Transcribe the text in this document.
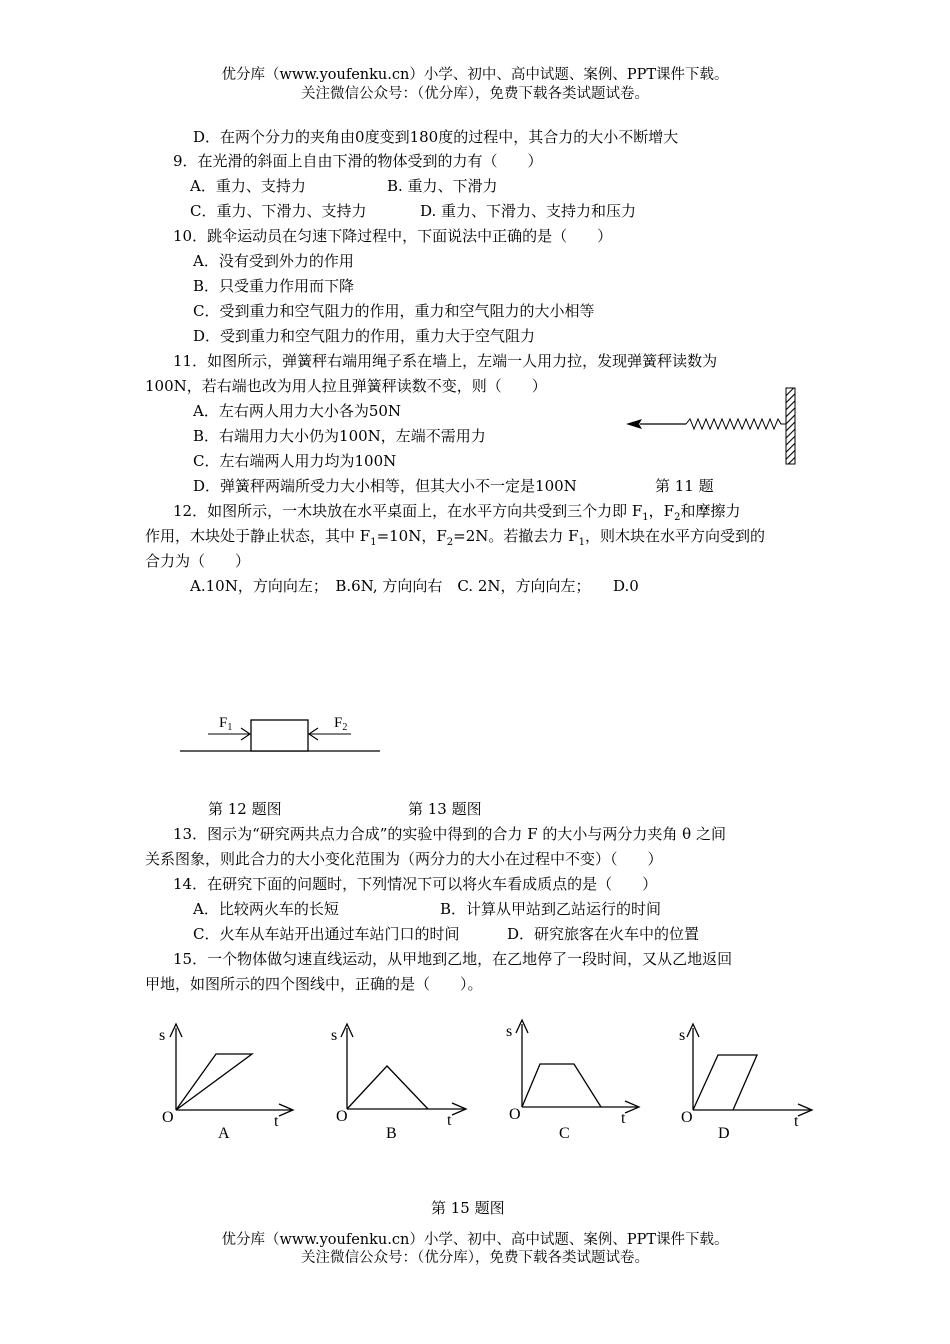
优分库（www.youfenku.cn）小学、初中、高中试题、案例、PPT课件下载。
关注微信公众号：（优分库），免费下载各类试题试卷。
D．在两个分力的夹角由0度变到180度的过程中，其合力的大小不断增大
9．在光滑的斜面上自由下滑的物体受到的力有（　　）
A．重力、支持力	B. 重力、下滑力
C．重力、下滑力、支持力	D. 重力、下滑力、支持力和压力
10．跳伞运动员在匀速下降过程中，下面说法中正确的是（　　）
A．没有受到外力的作用
B．只受重力作用而下降
C．受到重力和空气阻力的作用，重力和空气阻力的大小相等
D．受到重力和空气阻力的作用，重力大于空气阻力
11．如图所示，弹簧秤右端用绳子系在墙上，左端一人用力拉，发现弹簧秤读数为
100N，若右端也改为用人拉且弹簧秤读数不变，则（　　）
A．左右两人用力大小各为50N
B．右端用力大小仍为100N，左端不需用力
C．左右端两人用力均为100N
D．弹簧秤两端所受力大小相等，但其大小不一定是100N	第 11 题
12．如图所示，一木块放在水平桌面上，在水平方向共受到三个力即 $F_1$，$F_2$和摩擦力
作用，木块处于静止状态，其中 $F_1=10N$，$F_2=2N$。若撤去力 $F_1$，则木块在水平方向受到的
合力为（　　）
A.10N，方向向左；　B.6N, 方向向右　C. 2N，方向向左；　　D.0
$F_1$	$F_2$
第 12 题图	第 13 题图
13．图示为“研究两共点力合成”的实验中得到的合力 F 的大小与两分力夹角 θ 之间
关系图象，则此合力的大小变化范围为（两分力的大小在过程中不变）（　　）
14．在研究下面的问题时，下列情况下可以将火车看成质点的是（　　）
A．比较两火车的长短	B．计算从甲站到乙站运行的时间
C．火车从车站开出通过车站门口的时间	D．研究旅客在火车中的位置
15．一个物体做匀速直线运动，从甲地到乙地，在乙地停了一段时间，又从乙地返回
甲地，如图所示的四个图线中，正确的是（　　）。
s
O	t
A
s
O	t
B
s
O	t
C
s
O	t
D
第 15 题图
优分库（www.youfenku.cn）小学、初中、高中试题、案例、PPT课件下载。
关注微信公众号：（优分库），免费下载各类试题试卷。
